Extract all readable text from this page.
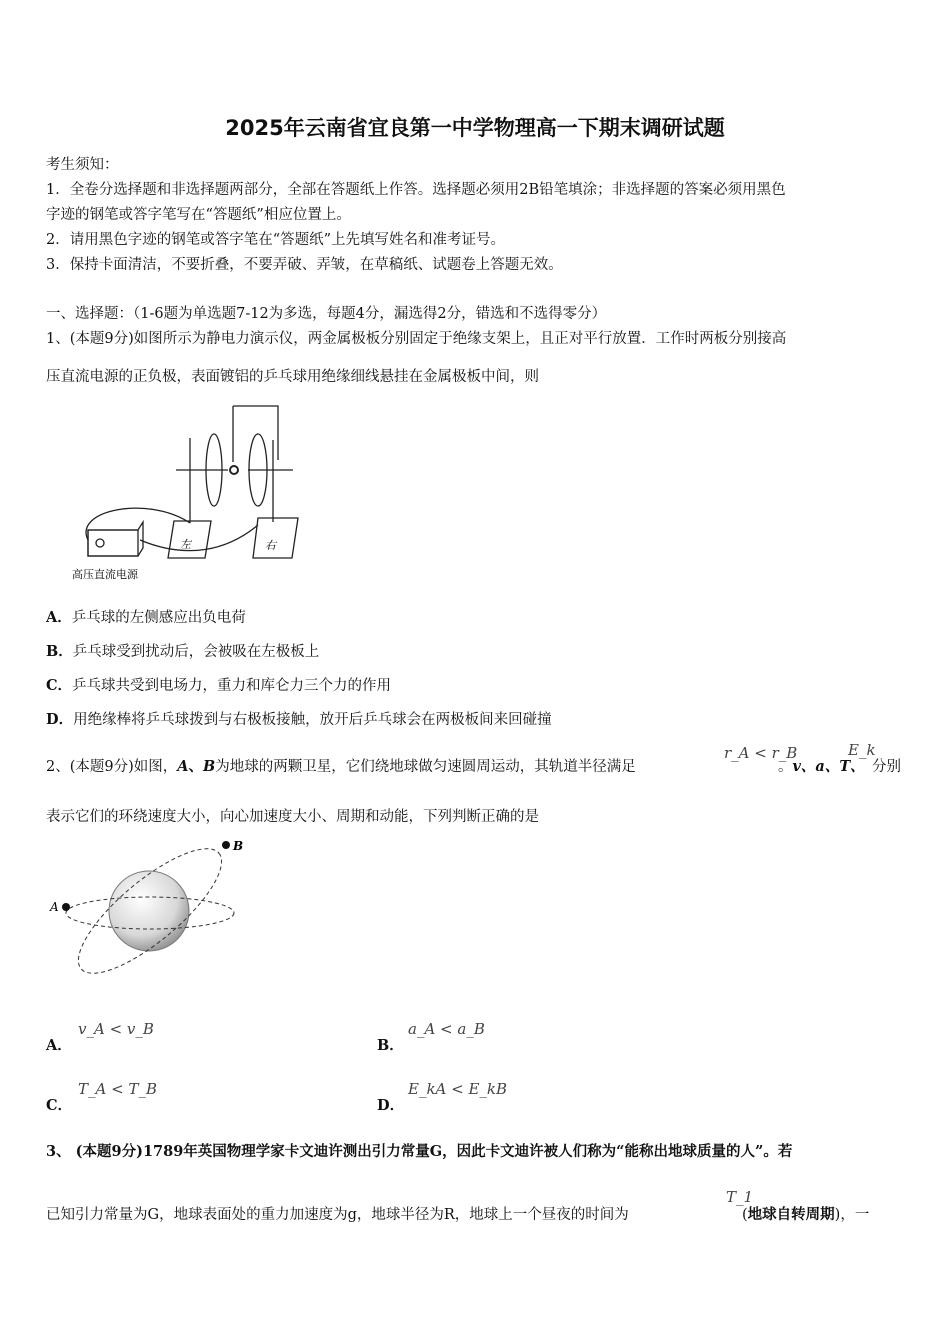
2025年云南省宜良第一中学物理高一下期末调研试题
考生须知：
1．全卷分选择题和非选择题两部分，全部在答题纸上作答。选择题必须用2B铅笔填涂；非选择题的答案必须用黑色
字迹的钢笔或答字笔写在“答题纸”相应位置上。
2．请用黑色字迹的钢笔或答字笔在“答题纸”上先填写姓名和准考证号。
3．保持卡面清洁，不要折叠，不要弄破、弄皱，在草稿纸、试题卷上答题无效。
一、选择题：（1-6题为单选题7-12为多选，每题4分，漏选得2分，错选和不选得零分）
1、(本题9分)如图所示为静电力演示仪，两金属极板分别固定于绝缘支架上，且正对平行放置．工作时两板分别接高
压直流电源的正负极，表面镀铝的乒乓球用绝缘细线悬挂在金属极板中间，则
左	右
高压直流电源
A．乒乓球的左侧感应出负电荷
B．乒乓球受到扰动后，会被吸在左极板上
C．乒乓球共受到电场力，重力和库仑力三个力的作用
D．用绝缘棒将乒乓球拨到与右极板接触，放开后乒乓球会在两极板间来回碰撞
2、(本题9分)如图，A、B为地球的两颗卫星，它们绕地球做匀速圆周运动，其轨道半径满足
r_A < r_B
。v、a、T、
E_k
分别
表示它们的环绕速度大小，向心加速度大小、周期和动能，下列判断正确的是
A
B
A．
v_A < v_B
B．
a_A < a_B
C．
T_A < T_B
D．
E_kA < E_kB
3、 (本题9分)1789年英国物理学家卡文迪许测出引力常量G，因此卡文迪许被人们称为“能称出地球质量的人”。若
已知引力常量为G，地球表面处的重力加速度为g，地球半径为R，地球上一个昼夜的时间为
T_1
(地球自转周期)，一
